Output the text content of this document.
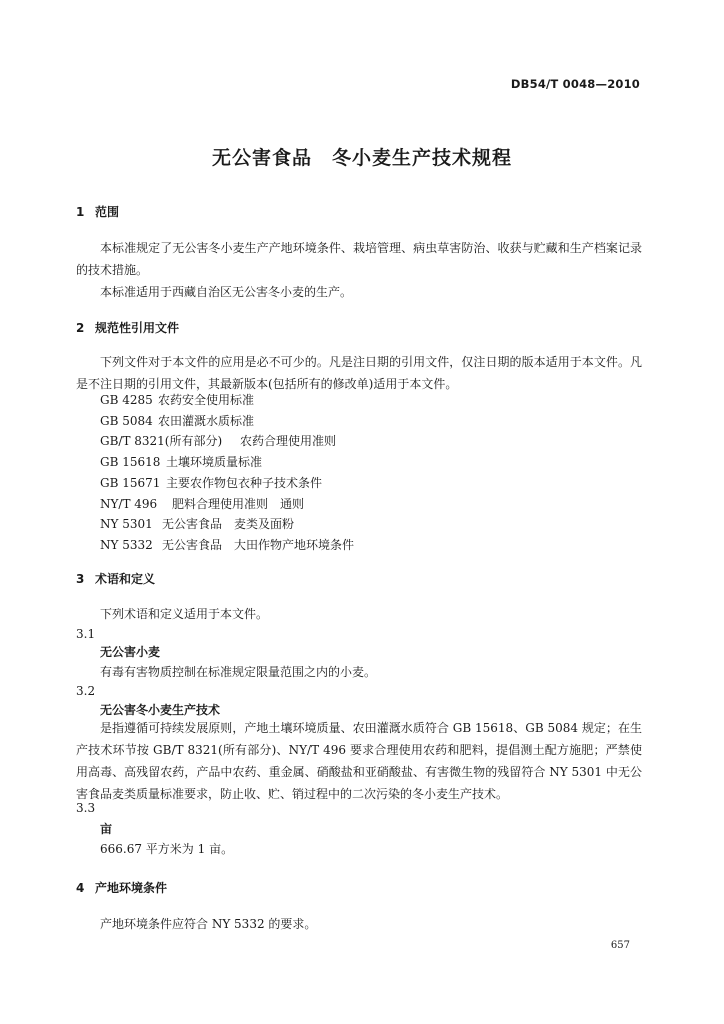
DB54/T 0048—2010
无公害食品　冬小麦生产技术规程
1 范围

本标准规定了无公害冬小麦生产产地环境条件、栽培管理、病虫草害防治、收获与贮藏和生产档案记录的技术措施。

本标准适用于西藏自治区无公害冬小麦的生产。

2 规范性引用文件

下列文件对于本文件的应用是必不可少的。凡是注日期的引用文件，仅注日期的版本适用于本文件。凡是不注日期的引用文件，其最新版本(包括所有的修改单)适用于本文件。

GB 4285 农药安全使用标准
GB 5084 农田灌溉水质标准
GB/T 8321(所有部分) 农药合理使用准则
GB 15618 土壤环境质量标准
GB 15671 主要农作物包衣种子技术条件
NY/T 496 肥料合理使用准则　通则
NY 5301 无公害食品　麦类及面粉
NY 5332 无公害食品　大田作物产地环境条件
3 术语和定义
下列术语和定义适用于本文件。
3.1
无公害小麦
有毒有害物质控制在标准规定限量范围之内的小麦。
3.2
无公害冬小麦生产技术

是指遵循可持续发展原则，产地土壤环境质量、农田灌溉水质符合 GB 15618、GB 5084 规定；在生产技术环节按 GB/T 8321(所有部分)、NY/T 496 要求合理使用农药和肥料，提倡测土配方施肥；严禁使用高毒、高残留农药，产品中农药、重金属、硝酸盐和亚硝酸盐、有害微生物的残留符合 NY 5301 中无公害食品麦类质量标准要求，防止收、贮、销过程中的二次污染的冬小麦生产技术。

3.3
亩
666.67 平方米为 1 亩。
4 产地环境条件
产地环境条件应符合 NY 5332 的要求。
657
